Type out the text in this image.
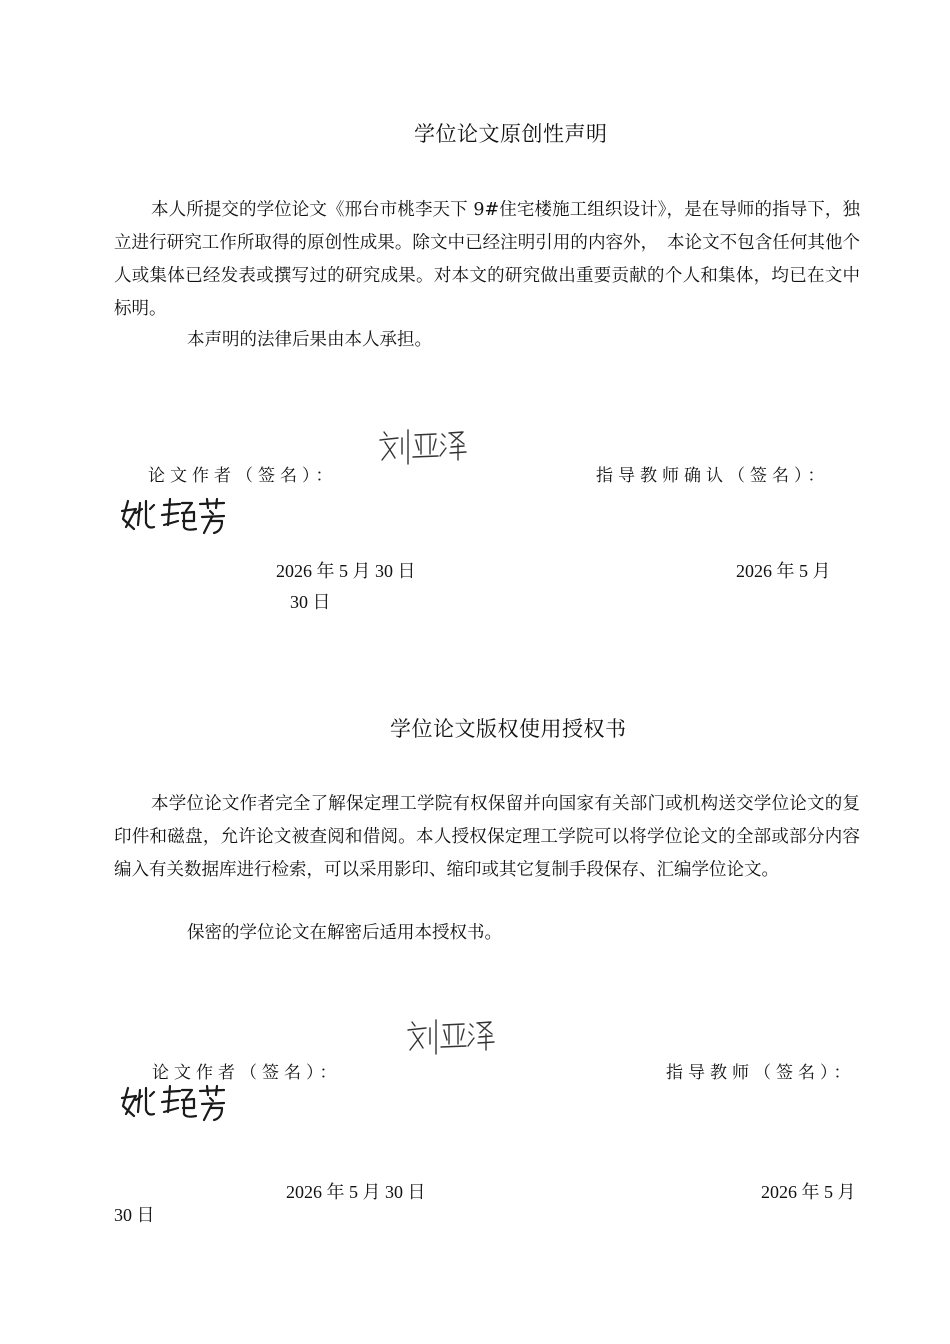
学位论文原创性声明
本人所提交的学位论文《邢台市桃李天下 9#住宅楼施工组织设计》，是在导师的指导下，独立进行研究工作所取得的原创性成果。除文中已经注明引用的内容外，　本论文不包含任何其他个人或集体已经发表或撰写过的研究成果。对本文的研究做出重要贡献的个人和集体，均已在文中标明。
本声明的法律后果由本人承担。
论文作者（签名）：	指导教师确认（签名）：
2026 年 5 月 30 日	2026 年 5 月
30 日
学位论文版权使用授权书
本学位论文作者完全了解保定理工学院有权保留并向国家有关部门或机构送交学位论文的复印件和磁盘，允许论文被查阅和借阅。本人授权保定理工学院可以将学位论文的全部或部分内容编入有关数据库进行检索，可以采用影印、缩印或其它复制手段保存、汇编学位论文。
保密的学位论文在解密后适用本授权书。
论文作者（签名）：	指导教师（签名）：
2026 年 5 月 30 日	2026 年 5 月
30 日
